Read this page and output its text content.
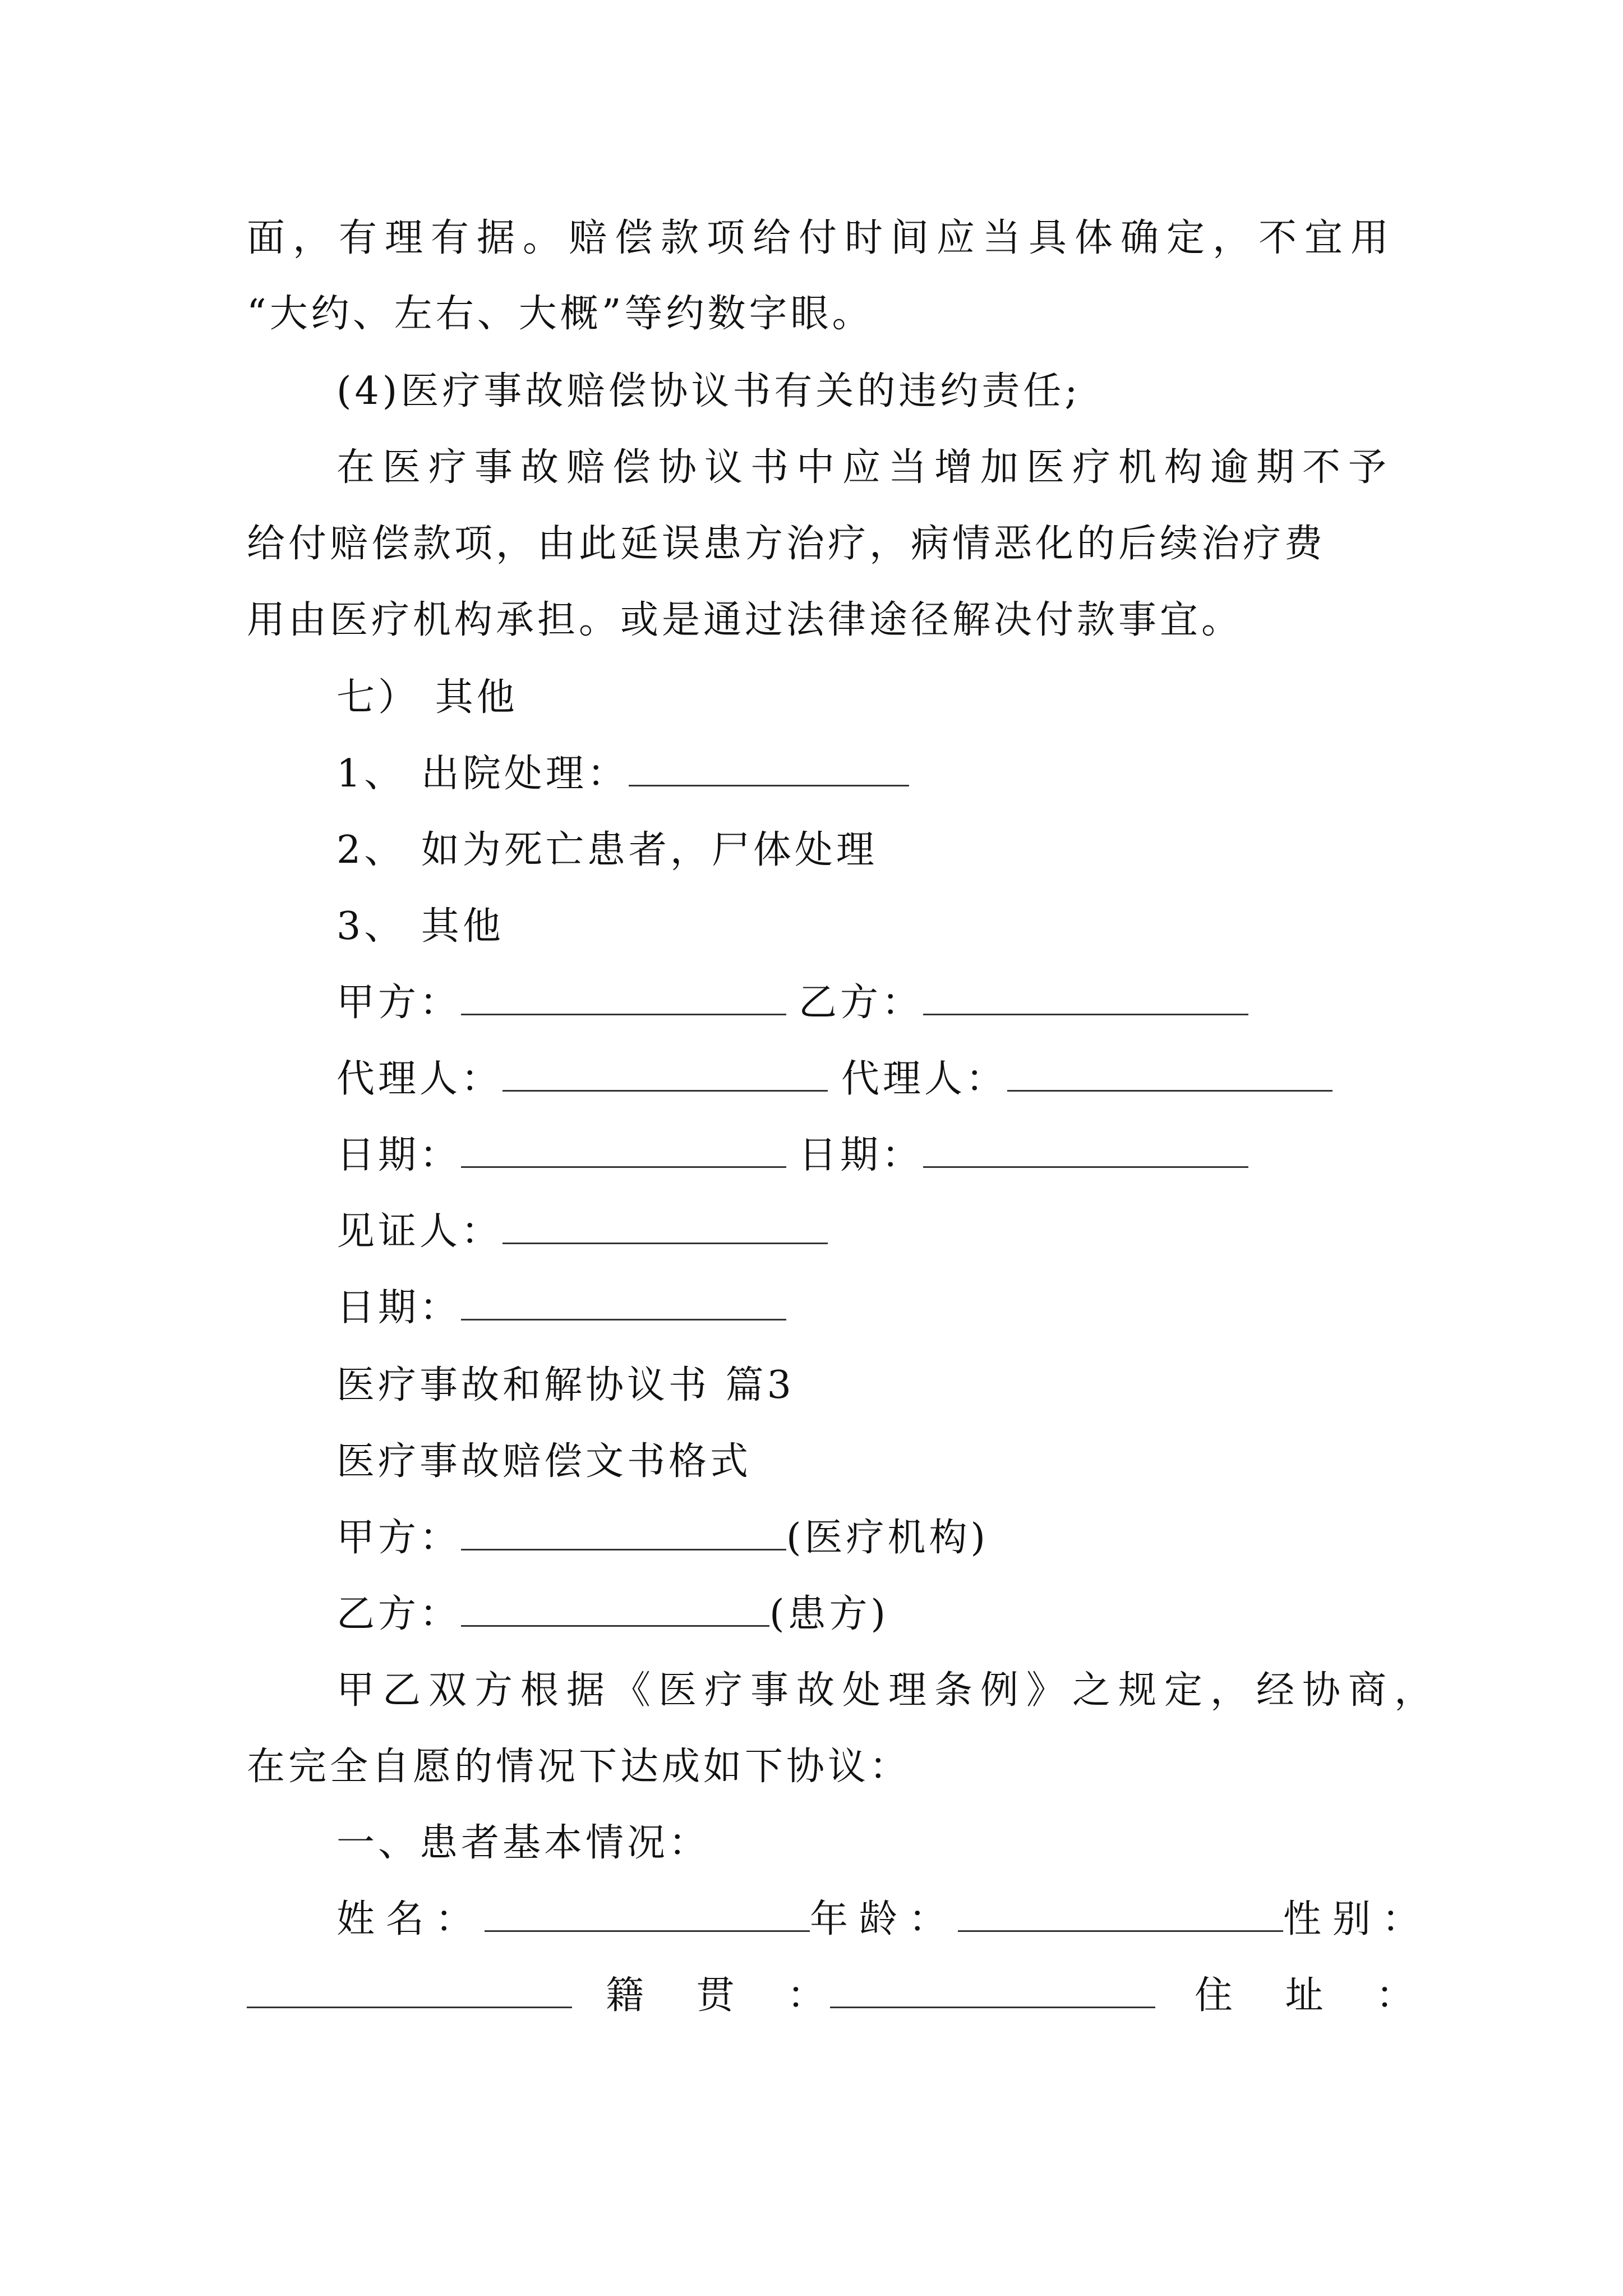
面，有理有据。赔偿款项给付时间应当具体确定，不宜用
“大约、左右、大概”等约数字眼。
(4)医疗事故赔偿协议书有关的违约责任;
在医疗事故赔偿协议书中应当增加医疗机构逾期不予
给付赔偿款项，由此延误患方治疗，病情恶化的后续治疗费
用由医疗机构承担。或是通过法律途径解决付款事宜。
七） 其他
1、 出院处理：
2、 如为死亡患者，尸体处理
3、 其他
甲方：	乙方：
代理人：	代理人：
日期：	日期：
见证人：
日期：
医疗事故和解协议书 篇3
医疗事故赔偿文书格式
甲方：	(医疗机构)
乙方：	(患方)
甲乙双方根据《医疗事故处理条例》之规定，经协商，
在完全自愿的情况下达成如下协议：
一、患者基本情况：
姓名：	年龄：	性别：
籍 贯 ：	住 址 ：
